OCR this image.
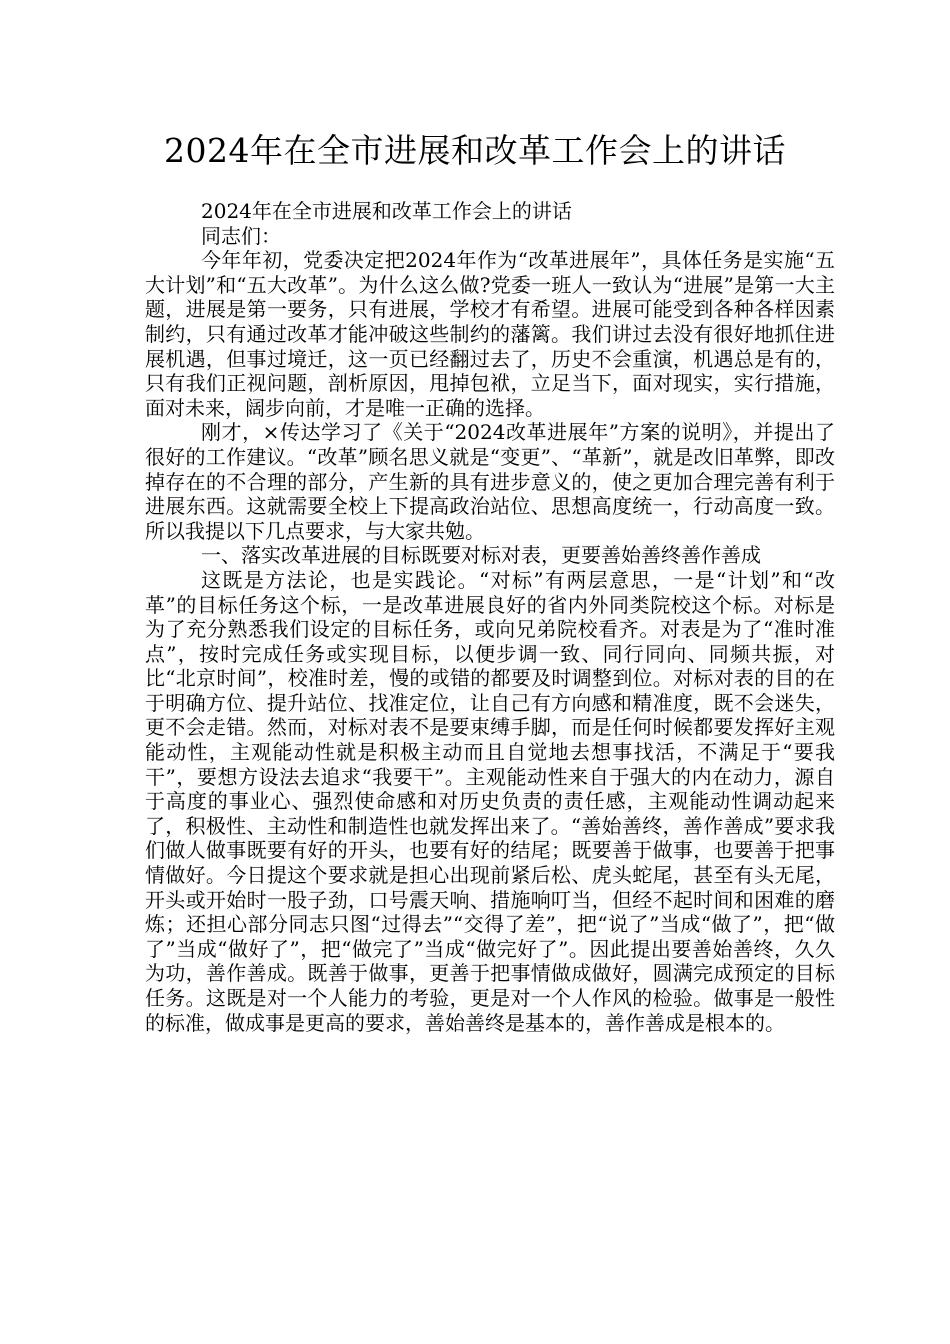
2024年在全市进展和改革工作会上的讲话

2024年在全市进展和改革工作会上的讲话

同志们：

今年年初，党委决定把2024年作为“改革进展年”，具体任务是实施“五大计划”和“五大改革”。为什么这么做?党委一班人一致认为“进展”是第一大主题，进展是第一要务，只有进展，学校才有希望。进展可能受到各种各样因素制约，只有通过改革才能冲破这些制约的藩篱。我们讲过去没有很好地抓住进展机遇，但事过境迁，这一页已经翻过去了，历史不会重演，机遇总是有的，只有我们正视问题，剖析原因，甩掉包袱，立足当下，面对现实，实行措施，面对未来，阔步向前，才是唯一正确的选择。

刚才，×传达学习了《关于“2024改革进展年”方案的说明》，并提出了很好的工作建议。“改革”顾名思义就是“变更”、“革新”，就是改旧革弊，即改掉存在的不合理的部分，产生新的具有进步意义的，使之更加合理完善有利于进展东西。这就需要全校上下提高政治站位、思想高度统一，行动高度一致。所以我提以下几点要求，与大家共勉。

一、落实改革进展的目标既要对标对表，更要善始善终善作善成

这既是方法论，也是实践论。“对标”有两层意思，一是“计划”和“改革”的目标任务这个标，一是改革进展良好的省内外同类院校这个标。对标是为了充分熟悉我们设定的目标任务，或向兄弟院校看齐。对表是为了“准时准点”，按时完成任务或实现目标，以便步调一致、同行同向、同频共振，对比“北京时间”，校准时差，慢的或错的都要及时调整到位。对标对表的目的在于明确方位、提升站位、找准定位，让自己有方向感和精准度，既不会迷失，更不会走错。然而，对标对表不是要束缚手脚，而是任何时候都要发挥好主观能动性，主观能动性就是积极主动而且自觉地去想事找活，不满足于“要我干”，要想方设法去追求“我要干”。主观能动性来自于强大的内在动力，源自于高度的事业心、强烈使命感和对历史负责的责任感，主观能动性调动起来了，积极性、主动性和制造性也就发挥出来了。“善始善终，善作善成”要求我们做人做事既要有好的开头，也要有好的结尾；既要善于做事，也要善于把事情做好。今日提这个要求就是担心出现前紧后松、虎头蛇尾，甚至有头无尾，开头或开始时一股子劲，口号震天响、措施响叮当，但经不起时间和困难的磨炼；还担心部分同志只图“过得去”“交得了差”，把“说了”当成“做了”，把“做了”当成“做好了”，把“做完了”当成“做完好了”。因此提出要善始善终，久久为功，善作善成。既善于做事，更善于把事情做成做好，圆满完成预定的目标任务。这既是对一个人能力的考验，更是对一个人作风的检验。做事是一般性的标准，做成事是更高的要求，善始善终是基本的，善作善成是根本的。
